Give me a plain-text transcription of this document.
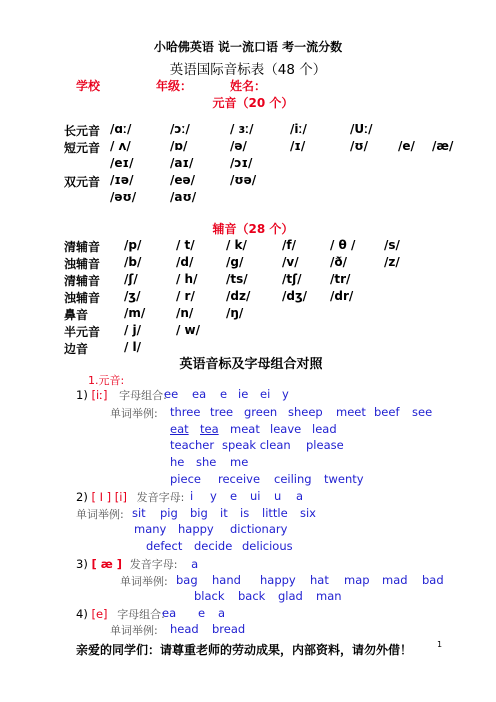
小哈佛英语 说一流口语 考一流分数
英语国际音标表（48 个）
学校	年级：	姓名：
元音（20 个）
长元音 /ɑː/	/ɔː/	/ ɜː/	/iː/	/Uː/
短元音 / ʌ/	/ɒ/	/ə/	/ɪ/	/ʊ/ /e/ /æ/
/eɪ/	/aɪ/	/ɔɪ/
双元音 /ɪə/	/eə/	/ʊə/
/əʊ/	/aʊ/
辅音（28 个）
清辅音 /p/	/ t/	/ k/	/f/	/ θ / /s/
浊辅音 /b/	/d/	/g/	/v/	/ð/	/z/
清辅音 /ʃ/	/ h/ /ts/	/tʃ/ /tr/
浊辅音 /ʒ/	/ r/	/dz/	/dʒ/ /dr/
鼻音	/m/	/n/	/ŋ/
半元音 / j/	/ w/
边音	/ l/
英语音标及字母组合对照
1.元音:
1) [iː] 字母组合:
ee ea e ie ei y
单词举例: three tree green sheep meet beef see
eat tea meat leave lead
teacher speak clean please
he she me
piece receive ceiling twenty
2) [ I ] [i] 发音字母: i y e ui u a
单词举例: sit pig big it is little six
many happy dictionary
defect decide delicious
3) [ æ ] 发音字母: a
单词举例: bag hand happy hat map mad bad
black back glad man
4) [e] 字母组合:
ea e a
单词举例: head bread
亲爱的同学们：请尊重老师的劳动成果，内部资料，请勿外借！	1
